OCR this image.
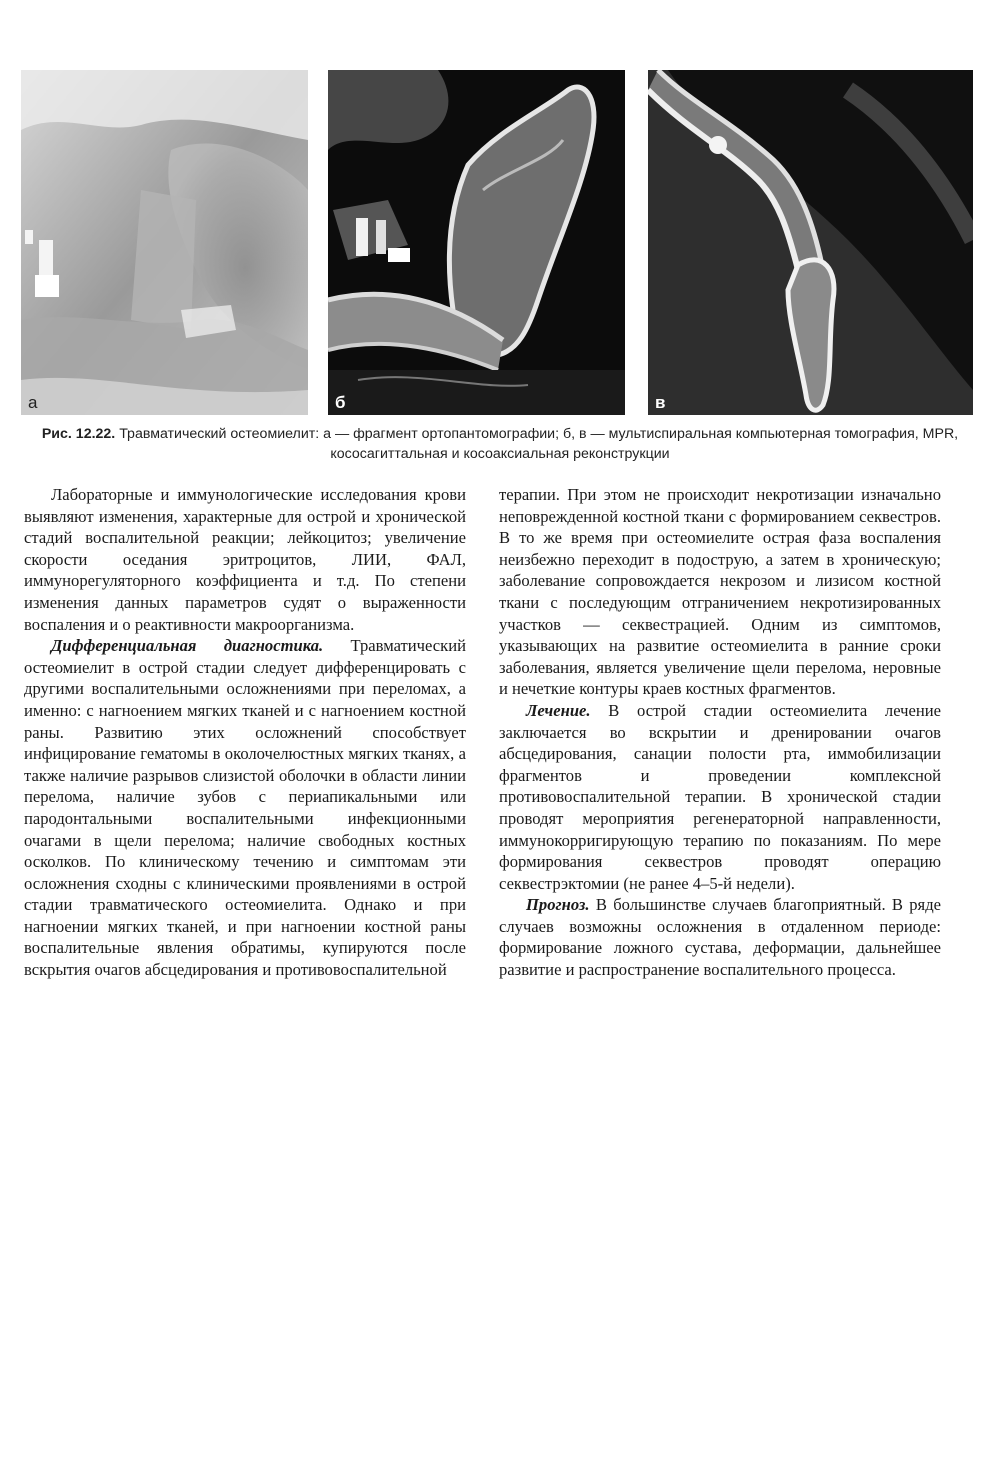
а	б	в
Рис. 12.22. Травматический остеомиелит: а — фрагмент ортопантомографии; б, в — мультиспиральная компьютерная томография, MPR, кососагиттальная и косоаксиальная реконструкции

Лабораторные и иммунологические исследования крови выявляют изменения, характерные для острой и хронической стадий воспалительной реакции; лейкоцитоз; увеличение скорости оседания эритроцитов, ЛИИ, ФАЛ, иммунорегуляторного коэффициента и т.д. По степени изменения данных параметров судят о выраженности воспаления и о реактивности макроорганизма.

Дифференциальная диагностика. Травматический остеомиелит в острой стадии следует дифференцировать с другими воспалительными осложнениями при переломах, а именно: с нагноением мягких тканей и с нагноением костной раны. Развитию этих осложнений способствует инфицирование гематомы в околочелюстных мягких тканях, а также наличие разрывов слизистой оболочки в области линии перелома, наличие зубов с периапикальными или пародонтальными воспалительными инфекционными очагами в щели перелома; наличие свободных костных осколков. По клиническому течению и симптомам эти осложнения сходны с клиническими проявлениями в острой стадии травматического остеомиелита. Однако и при нагноении мягких тканей, и при нагноении костной раны воспалительные явления обратимы, купируются после вскрытия очагов абсцедирования и противовоспалительной

терапии. При этом не происходит некротизации изначально неповрежденной костной ткани с формированием секвестров. В то же время при остеомиелите острая фаза воспаления неизбежно переходит в подострую, а затем в хроническую; заболевание сопровождается некрозом и лизисом костной ткани с последующим отграничением некротизированных участков — секвестрацией. Одним из симптомов, указывающих на развитие остеомиелита в ранние сроки заболевания, является увеличение щели перелома, неровные и нечеткие контуры краев костных фрагментов.

Лечение. В острой стадии остеомиелита лечение заключается во вскрытии и дренировании очагов абсцедирования, санации полости рта, иммобилизации фрагментов и проведении комплексной противовоспалительной терапии. В хронической стадии проводят мероприятия регенераторной направленности, иммунокорригирующую терапию по показаниям. По мере формирования секвестров проводят операцию секвестрэктомии (не ранее 4–5-й недели).

Прогноз. В большинстве случаев благоприятный. В ряде случаев возможны осложнения в отдаленном периоде: формирование ложного сустава, деформации, дальнейшее развитие и распространение воспалительного процесса.
